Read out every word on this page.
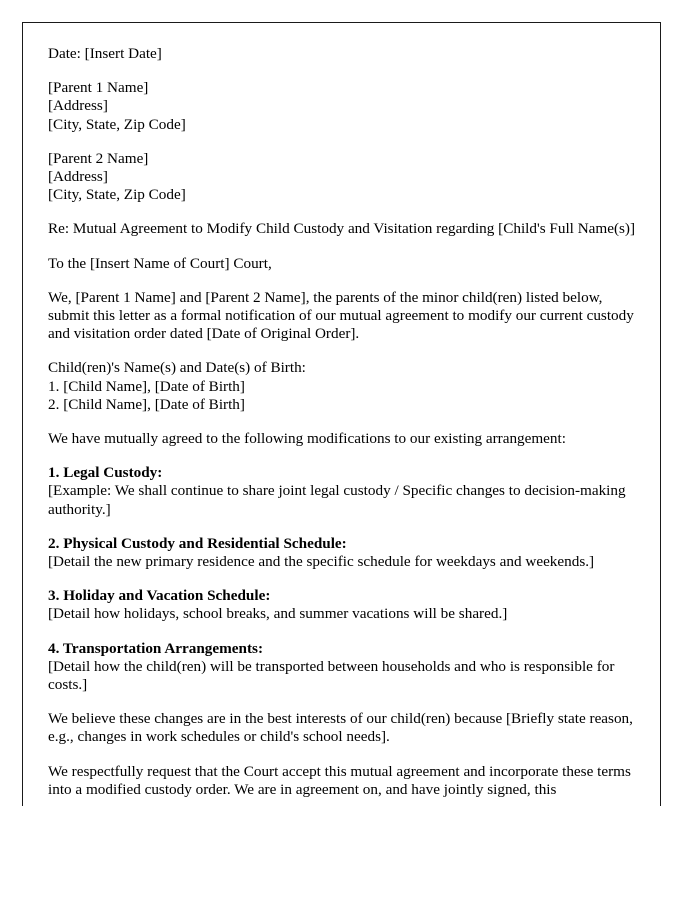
Date: [Insert Date]
[Parent 1 Name]
[Address]
[City, State, Zip Code]
[Parent 2 Name]
[Address]
[City, State, Zip Code]

Re: Mutual Agreement to Modify Child Custody and Visitation regarding [Child's Full Name(s)]

To the [Insert Name of Court] Court,

We, [Parent 1 Name] and [Parent 2 Name], the parents of the minor child(ren) listed below, submit this letter as a formal notification of our mutual agreement to modify our current custody and visitation order dated [Date of Original Order].

Child(ren)'s Name(s) and Date(s) of Birth:
1. [Child Name], [Date of Birth]
2. [Child Name], [Date of Birth]

We have mutually agreed to the following modifications to our existing arrangement:

1. Legal Custody:
[Example: We shall continue to share joint legal custody / Specific changes to decision-making authority.]
2. Physical Custody and Residential Schedule:
[Detail the new primary residence and the specific schedule for weekdays and weekends.]
3. Holiday and Vacation Schedule:
[Detail how holidays, school breaks, and summer vacations will be shared.]
4. Transportation Arrangements:
[Detail how the child(ren) will be transported between households and who is responsible for costs.]

We believe these changes are in the best interests of our child(ren) because [Briefly state reason, e.g., changes in work schedules or child's school needs].

We respectfully request that the Court accept this mutual agreement and incorporate these terms into a modified custody order. We are in agreement on, and have jointly signed, this
